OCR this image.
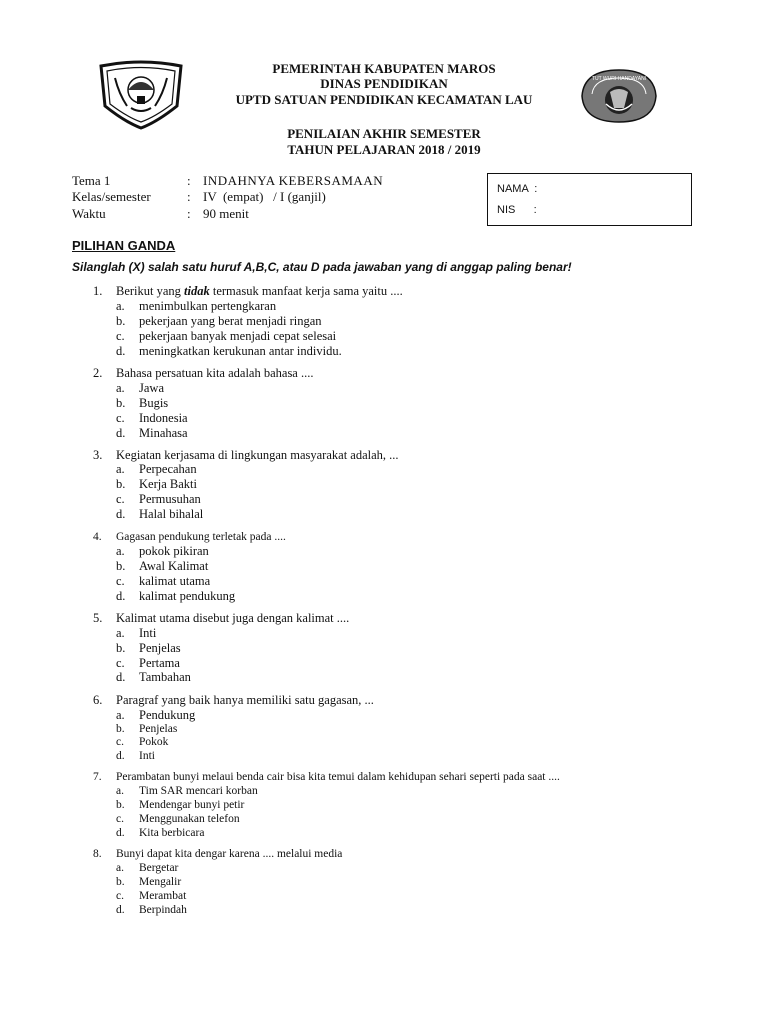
TUT WURI HANDAYANI
PEMERINTAH KABUPATEN MAROS
DINAS PENDIDIKAN
UPTD SATUAN PENDIDIKAN KECAMATAN LAU
PENILAIAN AKHIR SEMESTER
TAHUN PELAJARAN 2018 / 2019
Tema 1	: INDAHNYA KEBERSAMAAN
Kelas/semester	: IV  (empat)   / I (ganjil)
Waktu	: 90 menit
NAMA  :
NIS      :
PILIHAN GANDA
Silanglah (X) salah satu huruf A,B,C, atau D pada jawaban yang di anggap paling benar!
1. Berikut yang tidak termasuk manfaat kerja sama yaitu ....
a. menimbulkan pertengkaran
b. pekerjaan yang berat menjadi ringan
c. pekerjaan banyak menjadi cepat selesai
d. meningkatkan kerukunan antar individu.
2. Bahasa persatuan kita adalah bahasa ....
a. Jawa
b. Bugis
c. Indonesia
d. Minahasa
3. Kegiatan kerjasama di lingkungan masyarakat adalah, ...
a. Perpecahan
b. Kerja Bakti
c. Permusuhan
d. Halal bihalal
4. Gagasan pendukung terletak pada ....
a. pokok pikiran
b. Awal Kalimat
c. kalimat utama
d. kalimat pendukung
5. Kalimat utama disebut juga dengan kalimat ....
a. Inti
b. Penjelas
c. Pertama
d. Tambahan
6. Paragraf yang baik hanya memiliki satu gagasan, ...
a. Pendukung
b. Penjelas
c. Pokok
d. Inti
7. Perambatan bunyi melaui benda cair bisa kita temui dalam kehidupan sehari seperti pada saat ....
a. Tim SAR mencari korban
b. Mendengar bunyi petir
c. Menggunakan telefon
d. Kita berbicara
8. Bunyi dapat kita dengar karena .... melalui media
a. Bergetar
b. Mengalir
c. Merambat
d. Berpindah
